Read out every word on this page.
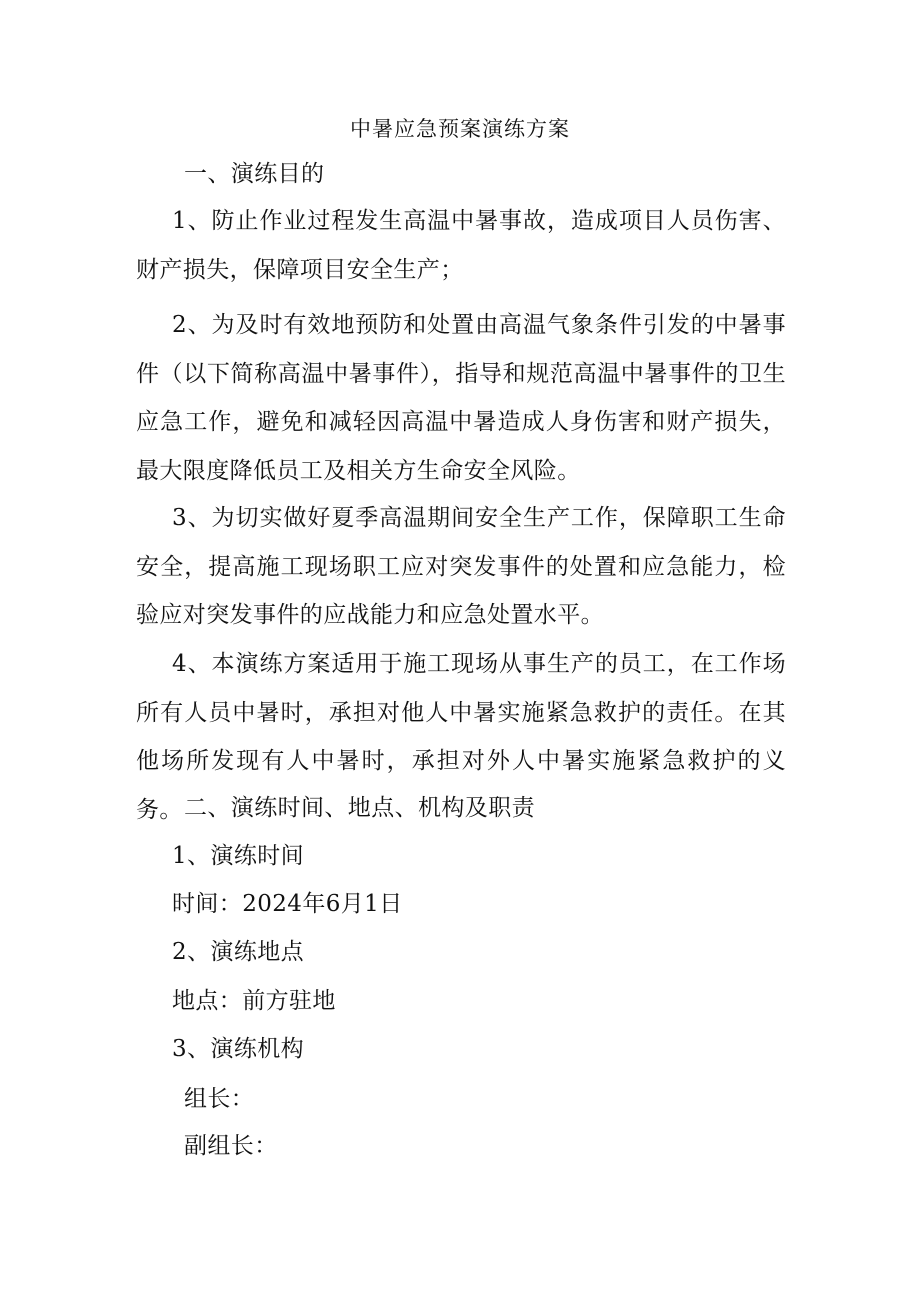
中暑应急预案演练方案
一、演练目的

1、防止作业过程发生高温中暑事故，造成项目人员伤害、财产损失，保障项目安全生产；

2、为及时有效地预防和处置由高温气象条件引发的中暑事件（以下简称高温中暑事件），指导和规范高温中暑事件的卫生应急工作，避免和减轻因高温中暑造成人身伤害和财产损失，最大限度降低员工及相关方生命安全风险。

3、为切实做好夏季高温期间安全生产工作，保障职工生命安全，提高施工现场职工应对突发事件的处置和应急能力，检验应对突发事件的应战能力和应急处置水平。

4、本演练方案适用于施工现场从事生产的员工，在工作场所有人员中暑时，承担对他人中暑实施紧急救护的责任。在其他场所发现有人中暑时，承担对外人中暑实施紧急救护的义务。 二、演练时间、地点、机构及职责
1、演练时间
时间：2024年6月1日
2、演练地点
地点：前方驻地
3、演练机构
组长：
副组长：
